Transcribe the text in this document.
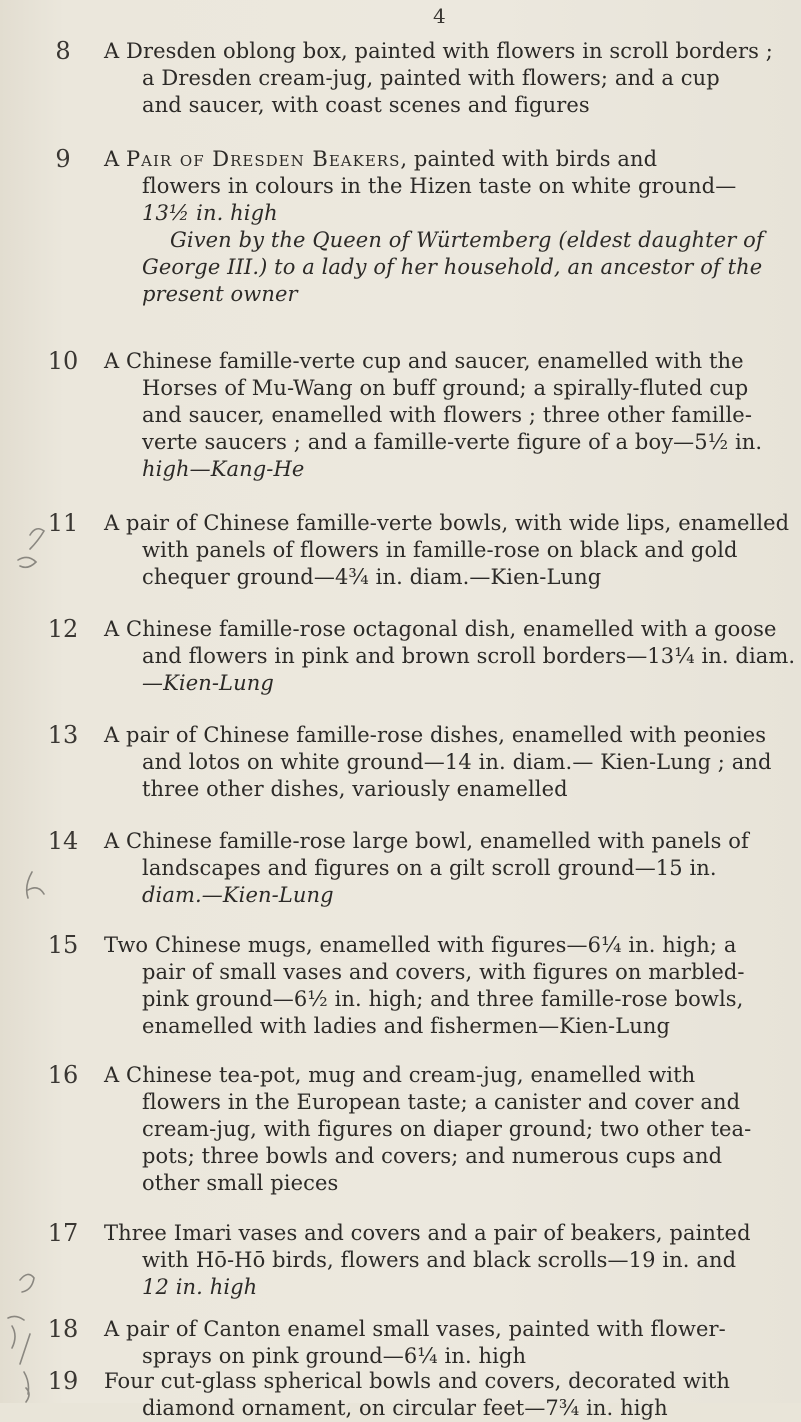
4
8	A Dresden oblong box, painted with flowers in scroll borders ;
a Dresden cream-jug, painted with flowers; and a cup
and saucer, with coast scenes and figures
9	A Pair of Dresden Beakers, painted with birds and
flowers in colours in the Hizen taste on white ground—
13½ in. high
Given by the Queen of Würtemberg (eldest daughter of
George III.) to a lady of her household, an ancestor of the
present owner
10	A Chinese famille-verte cup and saucer, enamelled with the
Horses of Mu-Wang on buff ground; a spirally-fluted cup
and saucer, enamelled with flowers ; three other famille-
verte saucers ; and a famille-verte figure of a boy—5½ in.
high—Kang-He
11	A pair of Chinese famille-verte bowls, with wide lips, enamelled
with panels of flowers in famille-rose on black and gold
chequer ground—4¾ in. diam.—Kien-Lung
12	A Chinese famille-rose octagonal dish, enamelled with a goose
and flowers in pink and brown scroll borders—13¼ in. diam.
—Kien-Lung
13	A pair of Chinese famille-rose dishes, enamelled with peonies
and lotos on white ground—14 in. diam.— Kien-Lung ; and
three other dishes, variously enamelled
14	A Chinese famille-rose large bowl, enamelled with panels of
landscapes and figures on a gilt scroll ground—15 in.
diam.—Kien-Lung
15	Two Chinese mugs, enamelled with figures—6¼ in. high; a
pair of small vases and covers, with figures on marbled-
pink ground—6½ in. high; and three famille-rose bowls,
enamelled with ladies and fishermen—Kien-Lung
16	A Chinese tea-pot, mug and cream-jug, enamelled with
flowers in the European taste; a canister and cover and
cream-jug, with figures on diaper ground; two other tea-
pots; three bowls and covers; and numerous cups and
other small pieces
17	Three Imari vases and covers and a pair of beakers, painted
with Hō-Hō birds, flowers and black scrolls—19 in. and
12 in. high
18	A pair of Canton enamel small vases, painted with flower-
sprays on pink ground—6¼ in. high
19	Four cut-glass spherical bowls and covers, decorated with
diamond ornament, on circular feet—7¾ in. high
